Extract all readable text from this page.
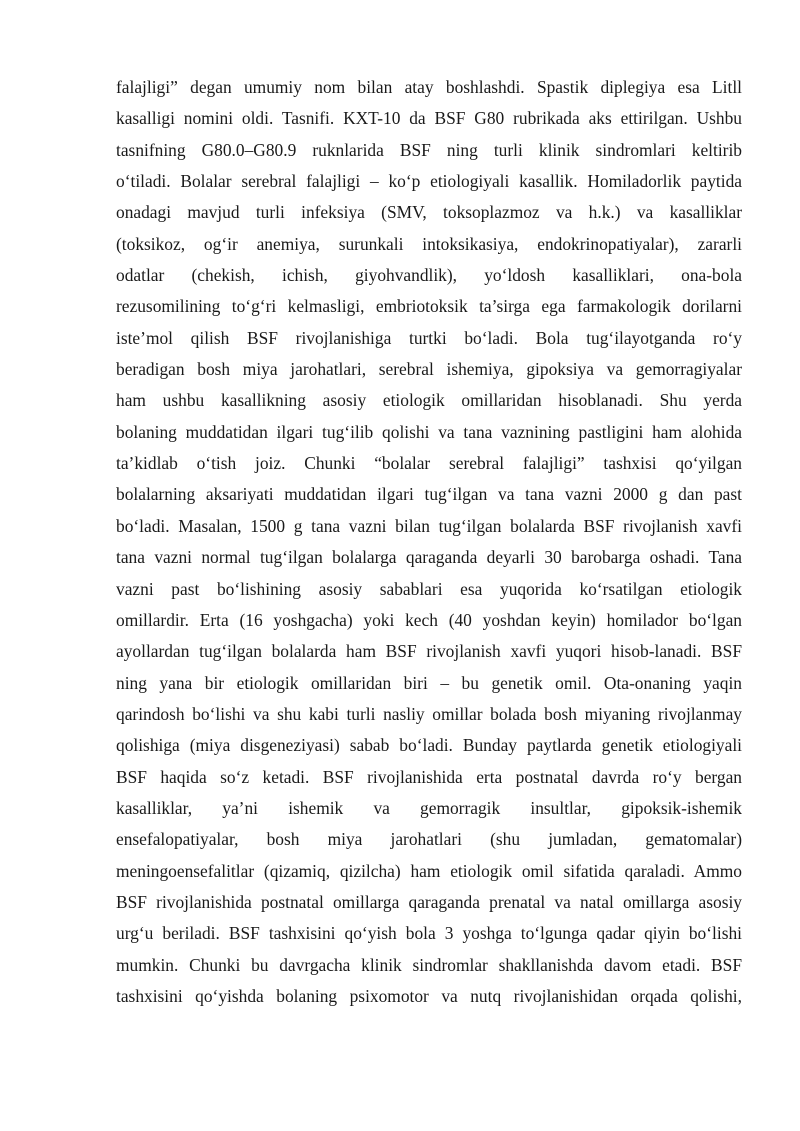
falajligi” degan umumiy nom bilan atay boshlashdi. Spastik diplegiya esa Litll
kasalligi nomini oldi. Tasnifi. KXT-10 da BSF G80 rubrikada aks ettirilgan. Ushbu
tasnifning G80.0–G80.9 ruknlarida BSF ning turli klinik sindromlari keltirib
o‘tiladi. Bolalar serebral falajligi – ko‘p etiologiyali kasallik. Homiladorlik paytida
onadagi mavjud turli infeksiya (SMV, toksoplazmoz va h.k.) va kasalliklar
(toksikoz, og‘ir anemiya, surunkali intoksikasiya, endokrinopatiyalar), zararli
odatlar (chekish, ichish, giyohvandlik), yo‘ldosh kasalliklari, ona-bola
rezusomilining to‘g‘ri kelmasligi, embriotoksik ta’sirga ega farmakologik dorilarni
iste’mol qilish BSF rivojlanishiga turtki bo‘ladi. Bola tug‘ilayotganda ro‘y
beradigan bosh miya jarohatlari, serebral ishemiya, gipoksiya va gemorragiyalar
ham ushbu kasallikning asosiy etiologik omillaridan hisoblanadi. Shu yerda
bolaning muddatidan ilgari tug‘ilib qolishi va tana vaznining pastligini ham alohida
ta’kidlab o‘tish joiz. Chunki “bolalar serebral falajligi” tashxisi qo‘yilgan
bolalarning aksariyati muddatidan ilgari tug‘ilgan va tana vazni 2000 g dan past
bo‘ladi. Masalan, 1500 g tana vazni bilan tug‘ilgan bolalarda BSF rivojlanish xavfi
tana vazni normal tug‘ilgan bolalarga qaraganda deyarli 30 barobarga oshadi. Tana
vazni past bo‘lishining asosiy sabablari esa yuqorida ko‘rsatilgan etiologik
omillardir. Erta (16 yoshgacha) yoki kech (40 yoshdan keyin) homilador bo‘lgan
ayollardan tug‘ilgan bolalarda ham BSF rivojlanish xavfi yuqori hisob-lanadi. BSF
ning yana bir etiologik omillaridan biri – bu genetik omil. Ota-onaning yaqin
qarindosh bo‘lishi va shu kabi turli nasliy omillar bolada bosh miyaning rivojlanmay
qolishiga (miya disgeneziyasi) sabab bo‘ladi. Bunday paytlarda genetik etiologiyali
BSF haqida so‘z ketadi. BSF rivojlanishida erta postnatal davrda ro‘y bergan
kasalliklar, ya’ni ishemik va gemorragik insultlar, gipoksik-ishemik
ensefalopatiyalar, bosh miya jarohatlari (shu jumladan, gematomalar)
meningoensefalitlar (qizamiq, qizilcha) ham etiologik omil sifatida qaraladi. Ammo
BSF rivojlanishida postnatal omillarga qaraganda prenatal va natal omillarga asosiy
urg‘u beriladi. BSF tashxisini qo‘yish bola 3 yoshga to‘lgunga qadar qiyin bo‘lishi
mumkin. Chunki bu davrgacha klinik sindromlar shakllanishda davom etadi. BSF
tashxisini qo‘yishda bolaning psixomotor va nutq rivojlanishidan orqada qolishi,
